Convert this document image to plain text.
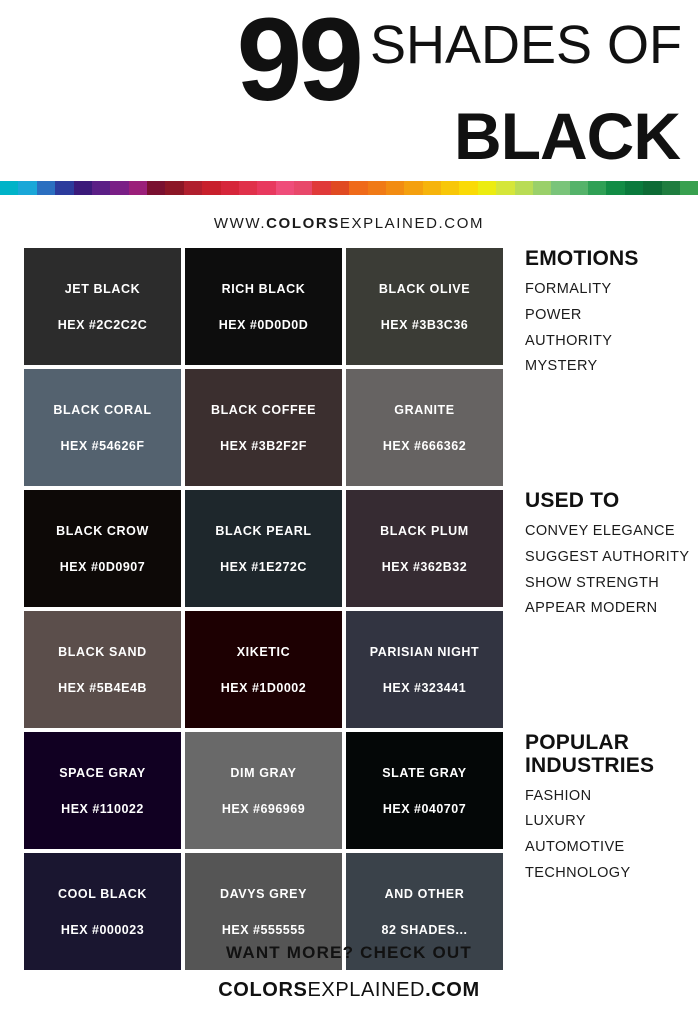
99 SHADES OF
BLACK
WWW.COLORSEXPLAINED.COM
JET BLACK
HEX #2C2C2C
RICH BLACK
HEX #0D0D0D
BLACK OLIVE
HEX #3B3C36
BLACK CORAL
HEX #54626F
BLACK COFFEE
HEX #3B2F2F
GRANITE
HEX #666362
BLACK CROW
HEX #0D0907
BLACK PEARL
HEX #1E272C
BLACK PLUM
HEX #362B32
BLACK SAND
HEX #5B4E4B
XIKETIC
HEX #1D0002
PARISIAN NIGHT
HEX #323441
SPACE GRAY
HEX #110022
DIM GRAY
HEX #696969
SLATE GRAY
HEX #040707
COOL BLACK
HEX #000023
DAVYS GREY
HEX #555555
AND OTHER
82 SHADES...
EMOTIONS
FORMALITY
POWER
AUTHORITY
MYSTERY
USED TO
CONVEY ELEGANCE
SUGGEST AUTHORITY
SHOW STRENGTH
APPEAR MODERN
POPULAR INDUSTRIES
FASHION
LUXURY
AUTOMOTIVE
TECHNOLOGY
WANT MORE? CHECK OUT
COLORSEXPLAINED.COM
